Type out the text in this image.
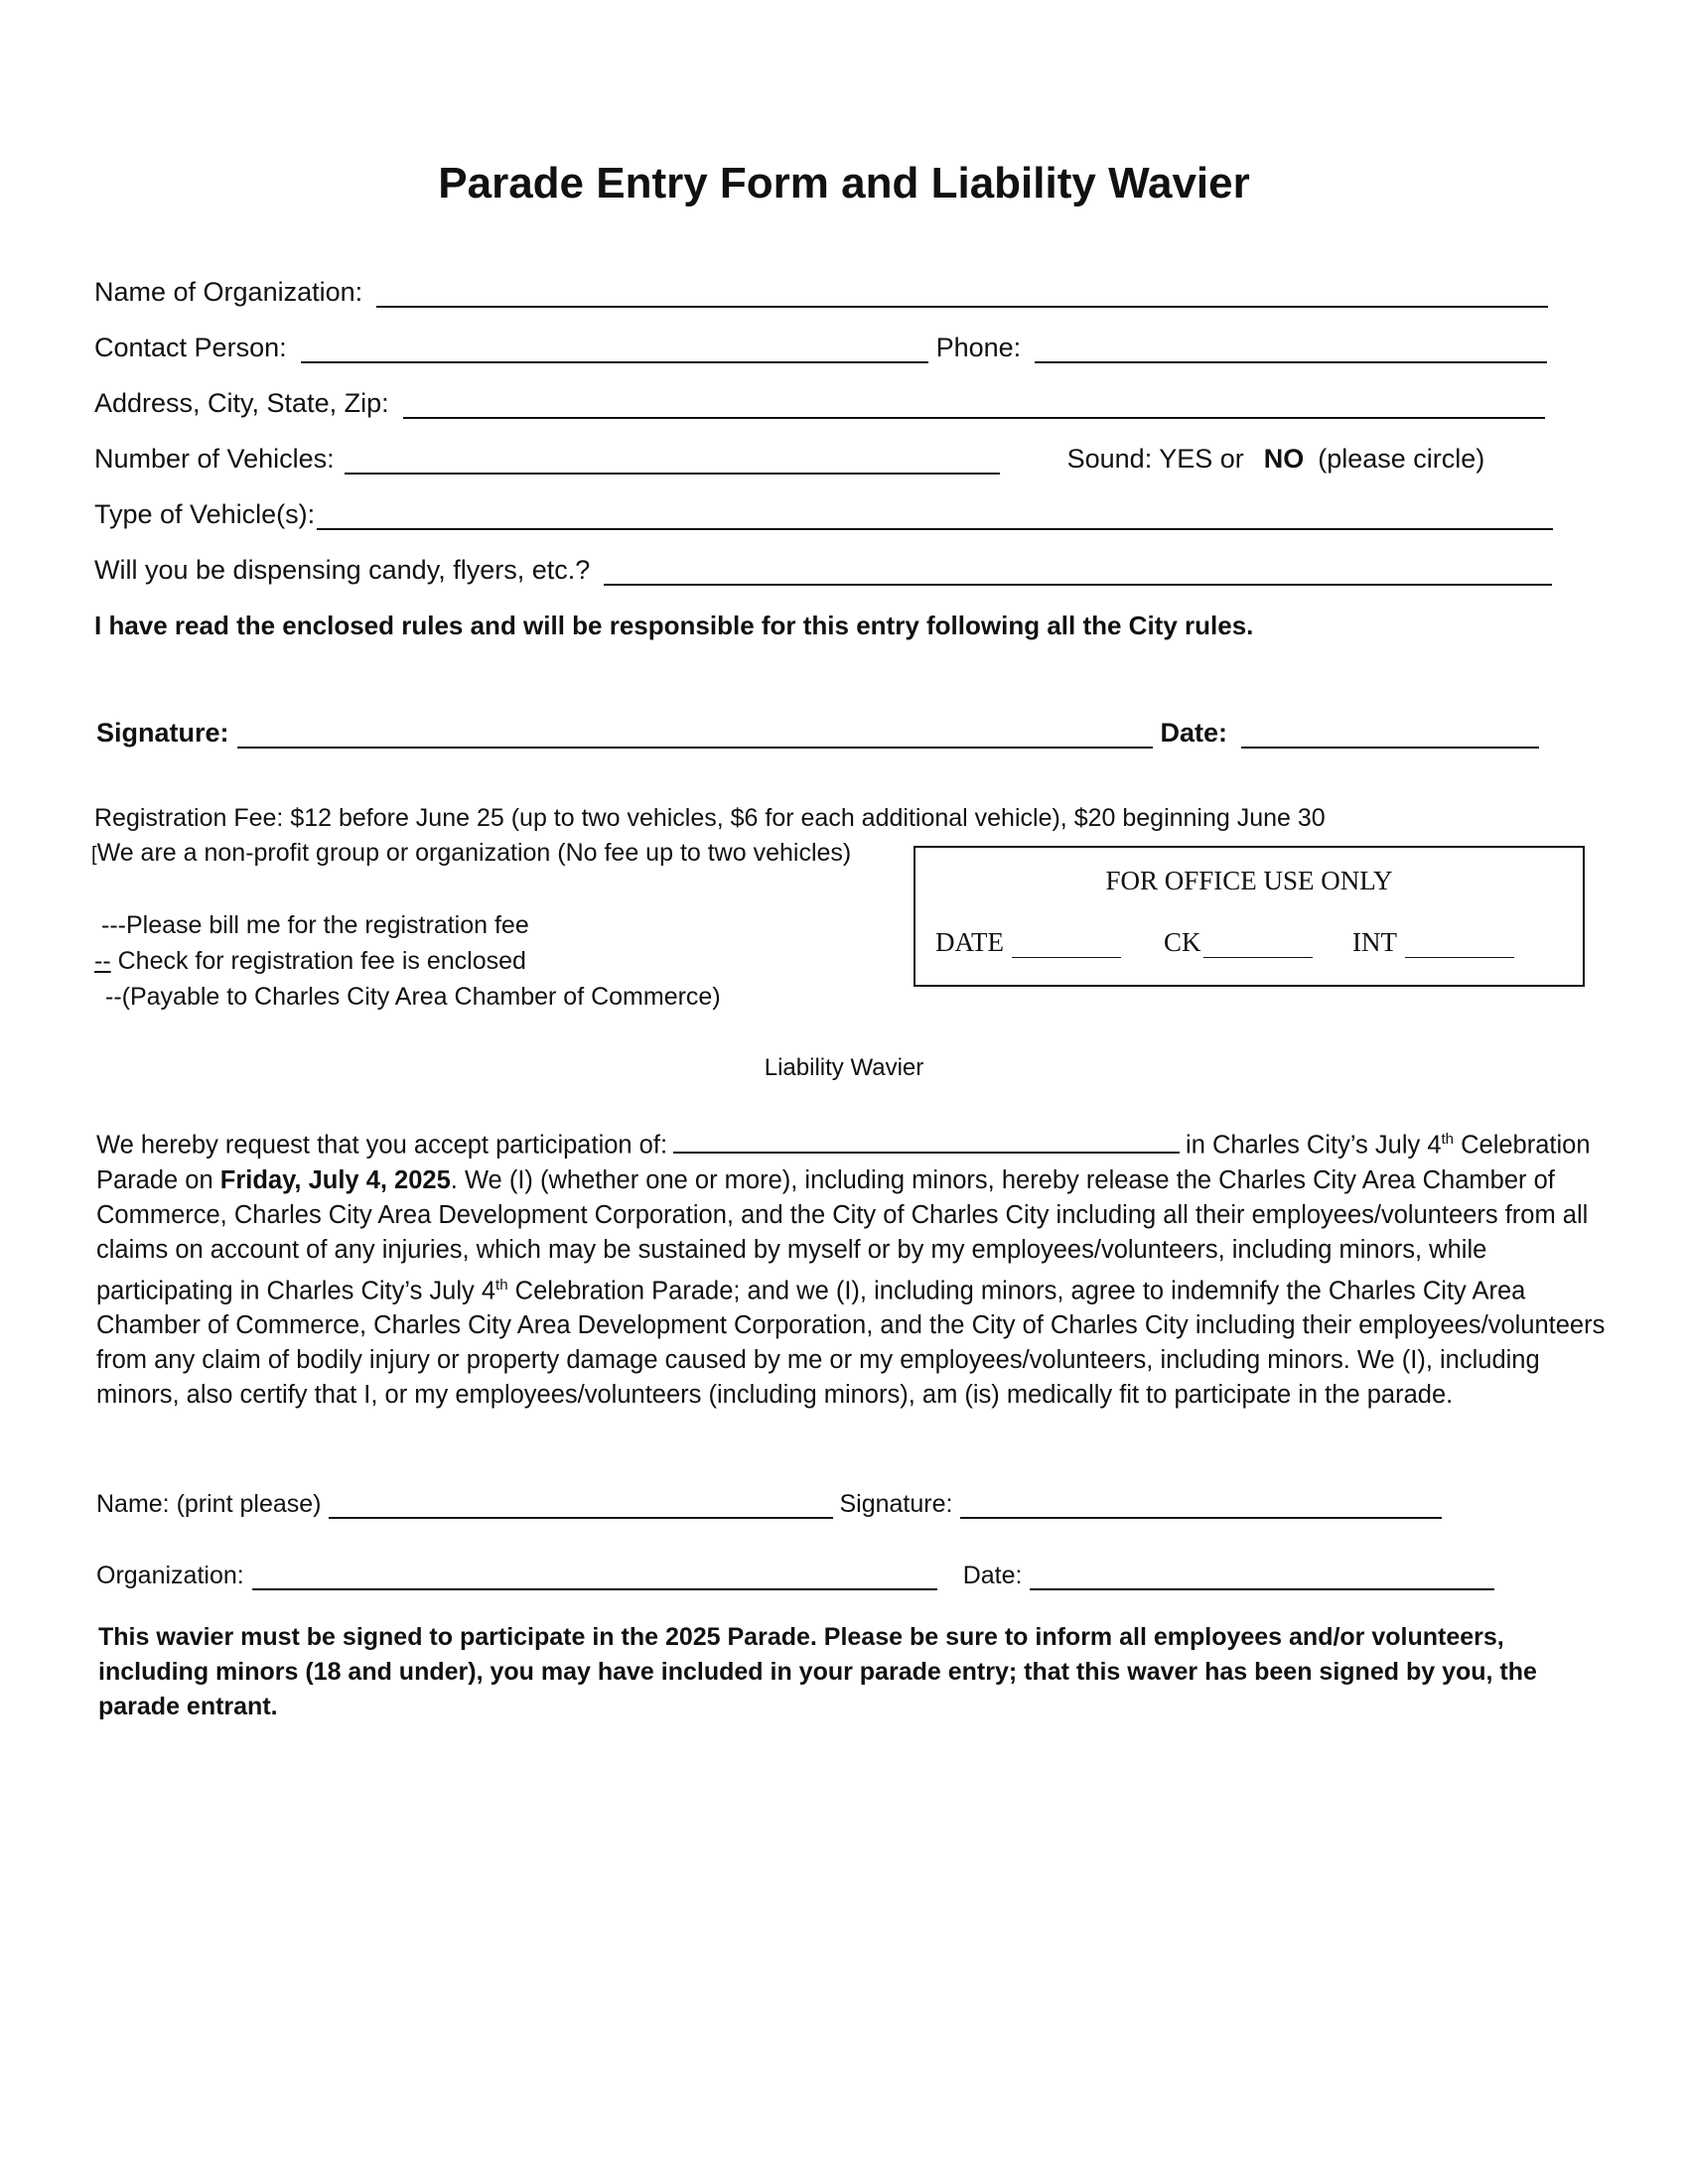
Parade Entry Form and Liability Wavier
Name of Organization:
Contact Person:	Phone:
Address, City, State, Zip:
Number of Vehicles:	Sound: YES or NO (please circle)
Type of Vehicle(s):
Will you be dispensing candy, flyers, etc.?
I have read the enclosed rules and will be responsible for this entry following all the City rules.
Signature:	Date:
Registration Fee: $12 before June 25 (up to two vehicles, $6 for each additional vehicle), $20 beginning June 30
[We are a non-profit group or organization (No fee up to two vehicles)
---Please bill me for the registration fee
-- Check for registration fee is enclosed
--(Payable to Charles City Area Chamber of Commerce)
FOR OFFICE USE ONLY
DATE	CK	INT
Liability Wavier
We hereby request that you accept participation of:	in Charles City’s July 4th Celebration Parade on Friday, July 4, 2025. We (I) (whether one or more), including minors, hereby release the Charles City Area Chamber of Commerce, Charles City Area Development Corporation, and the City of Charles City including all their employees/volunteers from all claims on account of any injuries, which may be sustained by myself or by my employees/volunteers, including minors, while participating in Charles City’s July 4th Celebration Parade; and we (I), including minors, agree to indemnify the Charles City Area Chamber of Commerce, Charles City Area Development Corporation, and the City of Charles City including their employees/volunteers from any claim of bodily injury or property damage caused by me or my employees/volunteers, including minors. We (I), including minors, also certify that I, or my employees/volunteers (including minors), am (is) medically fit to participate in the parade.
Name: (print please)	Signature:
Organization:	Date:
This wavier must be signed to participate in the 2025 Parade. Please be sure to inform all employees and/or volunteers, including minors (18 and under), you may have included in your parade entry; that this waver has been signed by you, the parade entrant.
